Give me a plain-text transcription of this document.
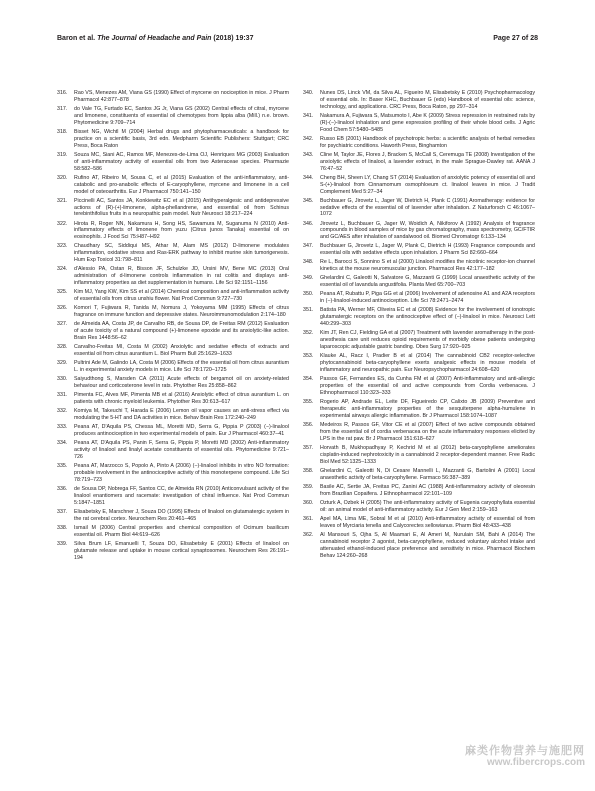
Baron et al. The Journal of Headache and Pain (2018) 19:37	Page 27 of 28
316. Rao VS, Menezes AM, Viana GS (1990) Effect of myrcene on nociception in mice. J Pharm Pharmacol 42:877–878
317. do Vale TG, Furtado EC, Santos JG Jr, Viana GS (2002) Central effects of citral, myrcene and limonene, constituents of essential oil chemotypes from lippia alba (Mill.) n.e. brown. Phytomedicine 9:709–714
318. Bisset NG, Wichtl M (2004) Herbal drugs and phytopharmaceuticals: a handbook for practice on a scientific basis, 3rd edn. Medpharm Scientific Publishers: Stuttgart; CRC Press, Boca Raton
319. Souza MC, Siani AC, Ramos MF, Menezes-de-Lima OJ, Henriques MG (2003) Evaluation of anti-inflammatory activity of essential oils from two Asteraceae species. Pharmazie 58:582–586
320. Rufino AT, Ribeiro M, Sousa C, et al (2015) Evaluation of the anti-inflammatory, anti-catabolic and pro-anabolic effects of E-caryophyllene, myrcene and limonene in a cell model of osteoarthritis. Eur J Pharmacol 750:141–150
321. Piccinelli AC, Santos JA, Konkiewitz EC et al (2015) Antihyperalgesic and antidepressive actions of (R)-(+)-limonene, alpha-phellandrene, and essential oil from Schinus terebinthifolius fruits in a neuropathic pain model. Nutr Neurosci 18:217–224
322. Hirota R, Roger NN, Nakamura H, Song HS, Sawamura M, Suganuma N (2010) Anti-inflammatory effects of limonene from yuzu (Citrus junos Tanaka) essential oil on eosinophils. J Food Sci 75:H87–H92
323. Chaudhary SC, Siddiqui MS, Athar M, Alam MS (2012) D-limonene modulates inflammation, oxidative stress and Ras-ERK pathway to inhibit murine skin tumorigenesis. Hum Exp Toxicol 31:798–811
324. d'Alessio PA, Ostan R, Bisson JF, Schulzke JD, Ursini MV, Bene MC (2013) Oral administration of d-limonene controls inflammation in rat colitis and displays anti-inflammatory properties as diet supplementation in humans. Life Sci 92:1151–1156
325. Kim MJ, Yang KW, Kim SS et al (2014) Chemical composition and anti-inflammation activity of essential oils from citrus unshiu flower. Nat Prod Commun 9:727–730
326. Komori T, Fujiwara R, Tanida M, Nomura J, Yokoyama MM (1995) Effects of citrus fragrance on immune function and depressive states. Neuroimmunomodulation 2:174–180
327. de Almeida AA, Costa JP, de Carvalho RB, de Sousa DP, de Freitas RM (2012) Evaluation of acute toxicity of a natural compound (+)-limonene epoxide and its anxiolytic-like action. Brain Res 1448:56–62
328. Carvalho-Freitas MI, Costa M (2002) Anxiolytic and sedative effects of extracts and essential oil from citrus aurantium L. Biol Pharm Bull 25:1629–1633
329. Pultrini Ade M, Galindo LA, Costa M (2006) Effects of the essential oil from citrus aurantium L. in experimental anxiety models in mice. Life Sci 78:1720–1725
330. Saiyudthong S, Marsden CA (2011) Acute effects of bergamot oil on anxiety-related behaviour and corticosterone level in rats. Phytother Res 25:858–862
331. Pimenta FC, Alves MF, Pimenta MB et al (2016) Anxiolytic effect of citrus aurantium L. on patients with chronic myeloid leukemia. Phytother Res 30:613–617
332. Komiya M, Takeuchi T, Harada E (2006) Lemon oil vapor causes an anti-stress effect via modulating the 5-HT and DA activities in mice. Behav Brain Res 172:240–249
333. Peana AT, D'Aquila PS, Chessa ML, Moretti MD, Serra G, Pippia P (2003) (−)-linalool produces antinociception in two experimental models of pain. Eur J Pharmacol 460:37–41
334. Peana AT, D'Aquila PS, Panin F, Serra G, Pippia P, Moretti MD (2002) Anti-inflammatory activity of linalool and linalyl acetate constituents of essential oils. Phytomedicine 9:721–726
335. Peana AT, Marzocco S, Popolo A, Pinto A (2006) (−)-linalool inhibits in vitro NO formation: probable involvement in the antinociceptive activity of this monoterpene compound. Life Sci 78:719–723
336. de Sousa DP, Nobrega FF, Santos CC, de Almeida RN (2010) Anticonvulsant activity of the linalool enantiomers and racemate: investigation of chiral influence. Nat Prod Commun 5:1847–1851
337. Elisabetsky E, Marschner J, Souza DO (1995) Effects of linalool on glutamatergic system in the rat cerebral cortex. Neurochem Res 20:461–465
338. Ismail M (2006) Central properties and chemical composition of Ocimum basilicum essential oil. Pharm Biol 44:619–626
339. Silva Brum LF, Emanuelli T, Souza DO, Elisabetsky E (2001) Effects of linalool on glutamate release and uptake in mouse cortical synaptosomes. Neurochem Res 26:191–194
340. Nunes DS, Linck VM, da Silva AL, Figueiro M, Elisabetsky E (2010) Psychopharmacology of essential oils. In: Baser KHC, Buchbauer G (eds) Handbook of essential oils: science, technology, and applications. CRC Press, Boca Raton, pp 297–314
341. Nakamura A, Fujiwara S, Matsumoto I, Abe K (2009) Stress repression in restrained rats by (R)-(−)-linalool inhalation and gene expression profiling of their whole blood cells. J Agric Food Chem 57:5480–5485
342. Russo EB (2001) Handbook of psychotropic herbs: a scientific analysis of herbal remedies for psychiatric conditions. Haworth Press, Binghamton
343. Cline M, Taylor JE, Flores J, Bracken S, McCall S, Ceremuga TE (2008) Investigation of the anxiolytic effects of linalool, a lavender extract, in the male Sprague-Dawley rat. AANA J 76:47–52
344. Cheng BH, Sheen LY, Chang ST (2014) Evaluation of anxiolytic potency of essential oil and S-(+)-linalool from Cinnamomum osmophloeum ct. linalool leaves in mice. J Tradit Complement Med 5:27–34
345. Buchbauer G, Jirovetz L, Jager W, Dietrich H, Plank C (1991) Aromatherapy: evidence for sedative effects of the essential oil of lavender after inhalation. Z Naturforsch C 46:1067–1072
346. Jirovetz L, Buchbauer G, Jager W, Woidich A, Nikiforov A (1992) Analysis of fragrance compounds in blood samples of mice by gas chromatography, mass spectrometry, GC/FTIR and GC/AES after inhalation of sandalwood oil. Biomed Chromatogr 6:133–134
347. Buchbauer G, Jirovetz L, Jager W, Plank C, Dietrich H (1993) Fragrance compounds and essential oils with sedative effects upon inhalation. J Pharm Sci 82:660–664
348. Re L, Barocci S, Sonnino S et al (2000) Linalool modifies the nicotinic receptor-ion channel kinetics at the mouse neuromuscular junction. Pharmacol Res 42:177–182
349. Ghelardini C, Galeotti N, Salvatore G, Mazzanti G (1999) Local anaesthetic activity of the essential oil of lavandula angustifolia. Planta Med 65:700–703
350. Peana AT, Rubattu P, Piga GG et al (2006) Involvement of adenosine A1 and A2A receptors in (−)-linalool-induced antinociception. Life Sci 78:2471–2474
351. Batista PA, Werner MF, Oliveira EC et al (2008) Evidence for the involvement of ionotropic glutamatergic receptors on the antinociceptive effect of (−)-linalool in mice. Neurosci Lett 440:299–303
352. Kim JT, Ren CJ, Fielding GA et al (2007) Treatment with lavender aromatherapy in the post-anesthesia care unit reduces opioid requirements of morbidly obese patients undergoing laparoscopic adjustable gastric banding. Obes Surg 17:920–925
353. Klauke AL, Racz I, Pradier B et al (2014) The cannabinoid CB2 receptor-selective phytocannabinoid beta-caryophyllene exerts analgesic effects in mouse models of inflammatory and neuropathic pain. Eur Neuropsychopharmacol 24:608–620
354. Passos GF, Fernandes ES, da Cunha FM et al (2007) Anti-inflammatory and anti-allergic properties of the essential oil and active compounds from Cordia verbenacea. J Ethnopharmacol 110:323–333
355. Rogerio AP, Andrade EL, Leite DF, Figueiredo CP, Calixto JB (2009) Preventive and therapeutic anti-inflammatory properties of the sesquiterpene alpha-humulene in experimental airways allergic inflammation. Br J Pharmacol 158:1074–1087
356. Medeiros R, Passos GF, Vitor CE et al (2007) Effect of two active compounds obtained from the essential oil of cordia verbenacea on the acute inflammatory responses elicited by LPS in the rat paw. Br J Pharmacol 151:618–627
357. Horvath B, Mukhopadhyay P, Kechrid M et al (2012) beta-caryophyllene ameliorates cisplatin-induced nephrotoxicity in a cannabinoid 2 receptor-dependent manner. Free Radic Biol Med 52:1325–1333
358. Ghelardini C, Galeotti N, Di Cesare Mannelli L, Mazzanti G, Bartolini A (2001) Local anaesthetic activity of beta-caryophyllene. Farmaco 56:387–389
359. Basile AC, Sertie JA, Freitas PC, Zanini AC (1988) Anti-inflammatory activity of oleoresin from Brazilian Copaifera. J Ethnopharmacol 22:101–109
360. Ozturk A, Ozbek H (2005) The anti-inflammatory activity of Eugenia caryophyllata essential oil: an animal model of anti-inflammatory activity. Eur J Gen Med 2:159–163
361. Apel MA, Lima ME, Sobral M et al (2010) Anti-inflammatory activity of essential oil from leaves of Myrciaria tenella and Calycorectes sellowianus. Pharm Biol 48:433–438
362. Al Mansouri S, Ojha S, Al Maamari E, Al Ameri M, Nurulain SM, Bahi A (2014) The cannabinoid receptor 2 agonist, beta-caryophyllene, reduced voluntary alcohol intake and attenuated ethanol-induced place preference and sensitivity in mice. Pharmacol Biochem Behav 124:260–268
麻类作物营养与施肥网
www.fibercrops.com
